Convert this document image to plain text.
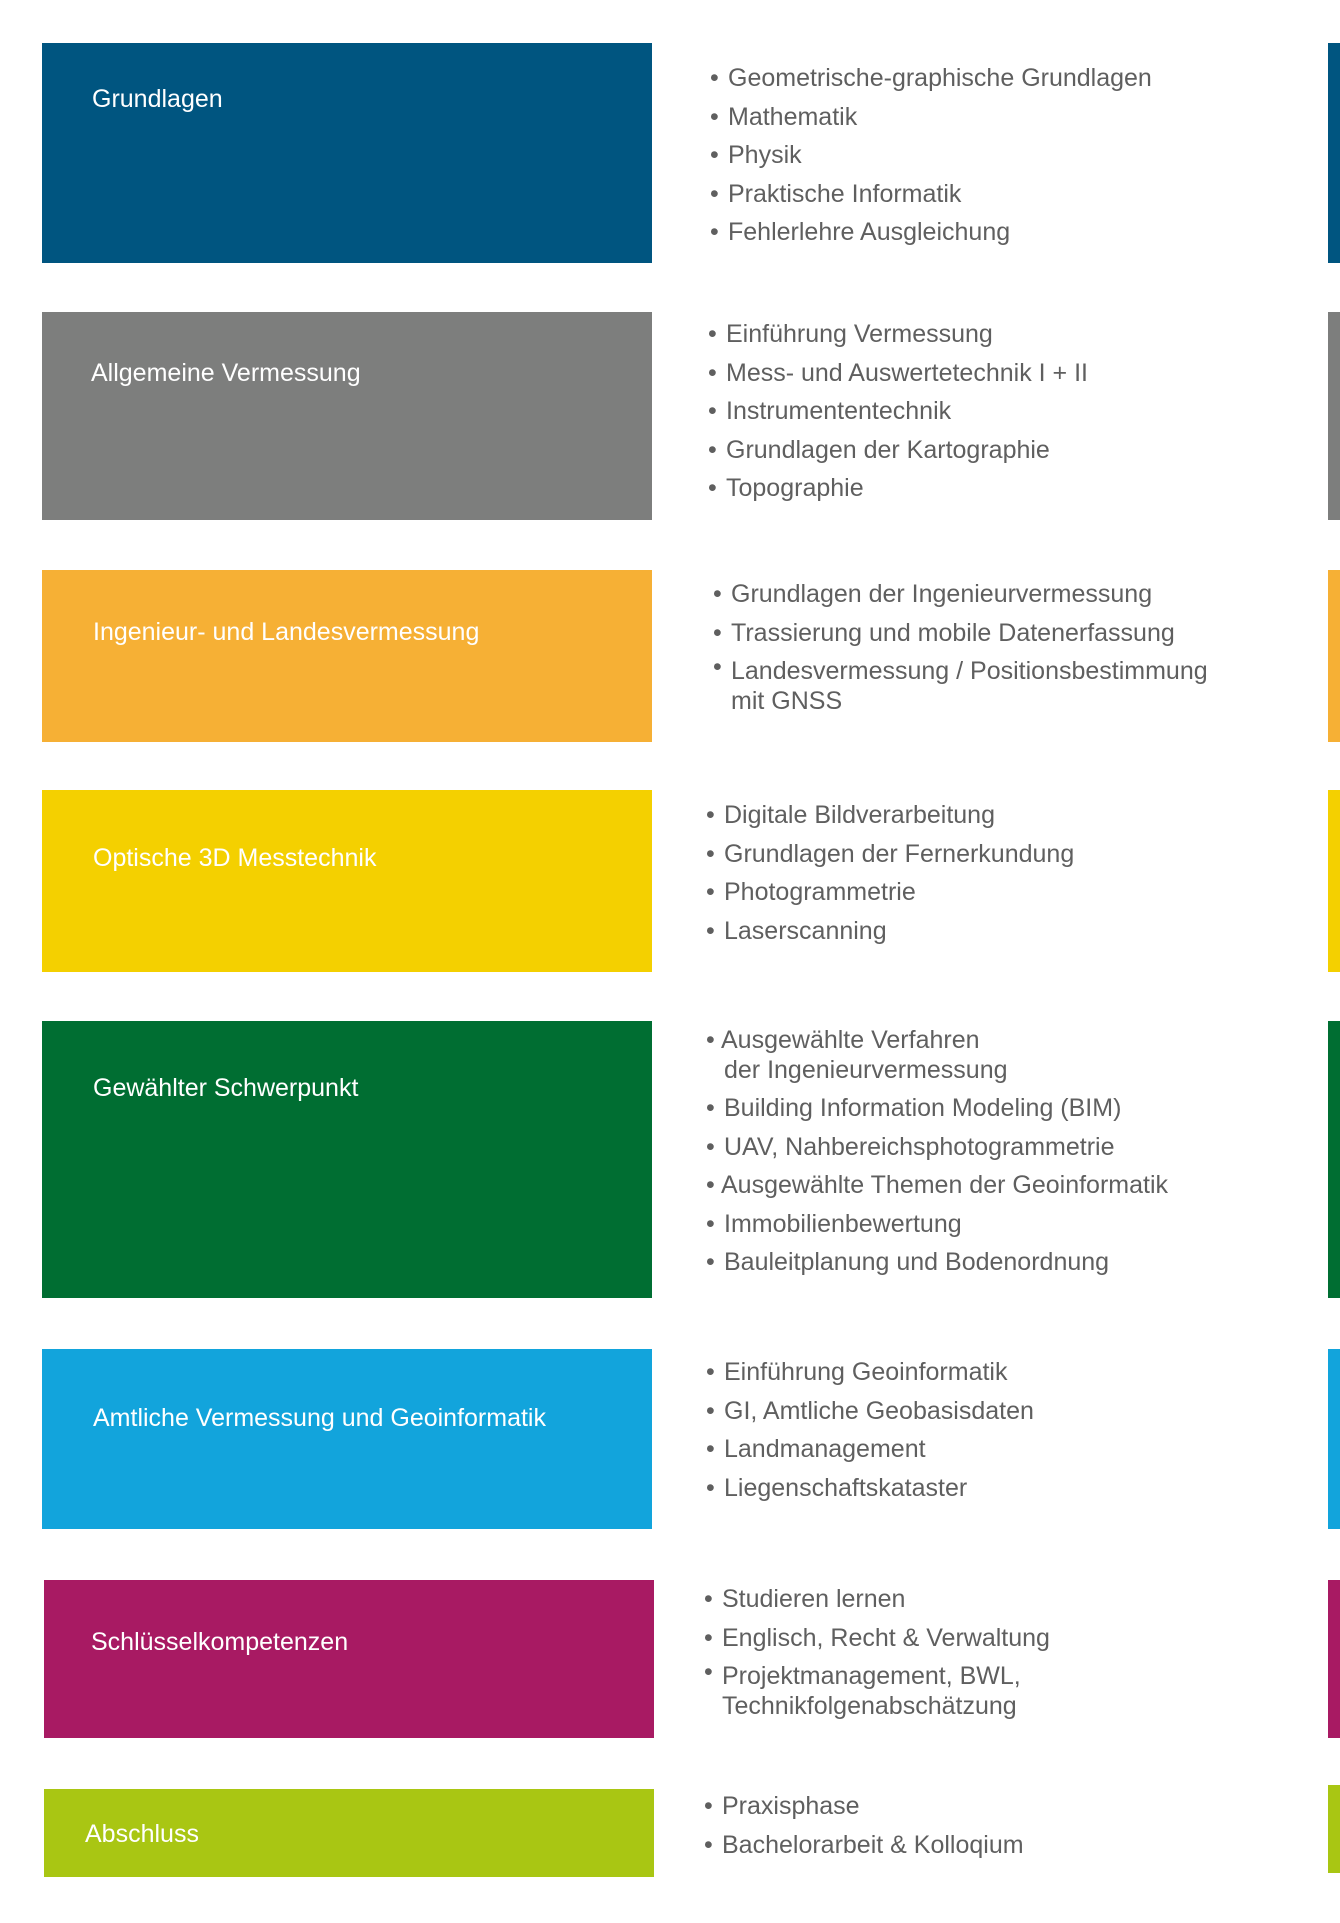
Grundlagen
• Geometrische-graphische Grundlagen
• Mathematik
• Physik
• Praktische Informatik
• Fehlerlehre Ausgleichung
Allgemeine Vermessung
• Einführung Vermessung
• Mess- und Auswertetechnik I + II
• Instrumententechnik
• Grundlagen der Kartographie
• Topographie
Ingenieur- und Landesvermessung
• Grundlagen der Ingenieurvermessung
• Trassierung und mobile Datenerfassung
• Landesvermessung / Positionsbestimmung
mit GNSS
Optische 3D Messtechnik
• Digitale Bildverarbeitung
• Grundlagen der Fernerkundung
• Photogrammetrie
• Laserscanning
Gewählter Schwerpunkt
• Ausgewählte Verfahren
der Ingenieurvermessung
• Building Information Modeling (BIM)
• UAV, Nahbereichsphotogrammetrie
• Ausgewählte Themen der Geoinformatik
• Immobilienbewertung
• Bauleitplanung und Bodenordnung
Amtliche Vermessung und Geoinformatik
• Einführung Geoinformatik
• GI, Amtliche Geobasisdaten
• Landmanagement
• Liegenschaftskataster
Schlüsselkompetenzen
• Studieren lernen
• Englisch, Recht & Verwaltung
• Projektmanagement, BWL,
Technikfolgenabschätzung
Abschluss
• Praxisphase
• Bachelorarbeit & Kolloqium
